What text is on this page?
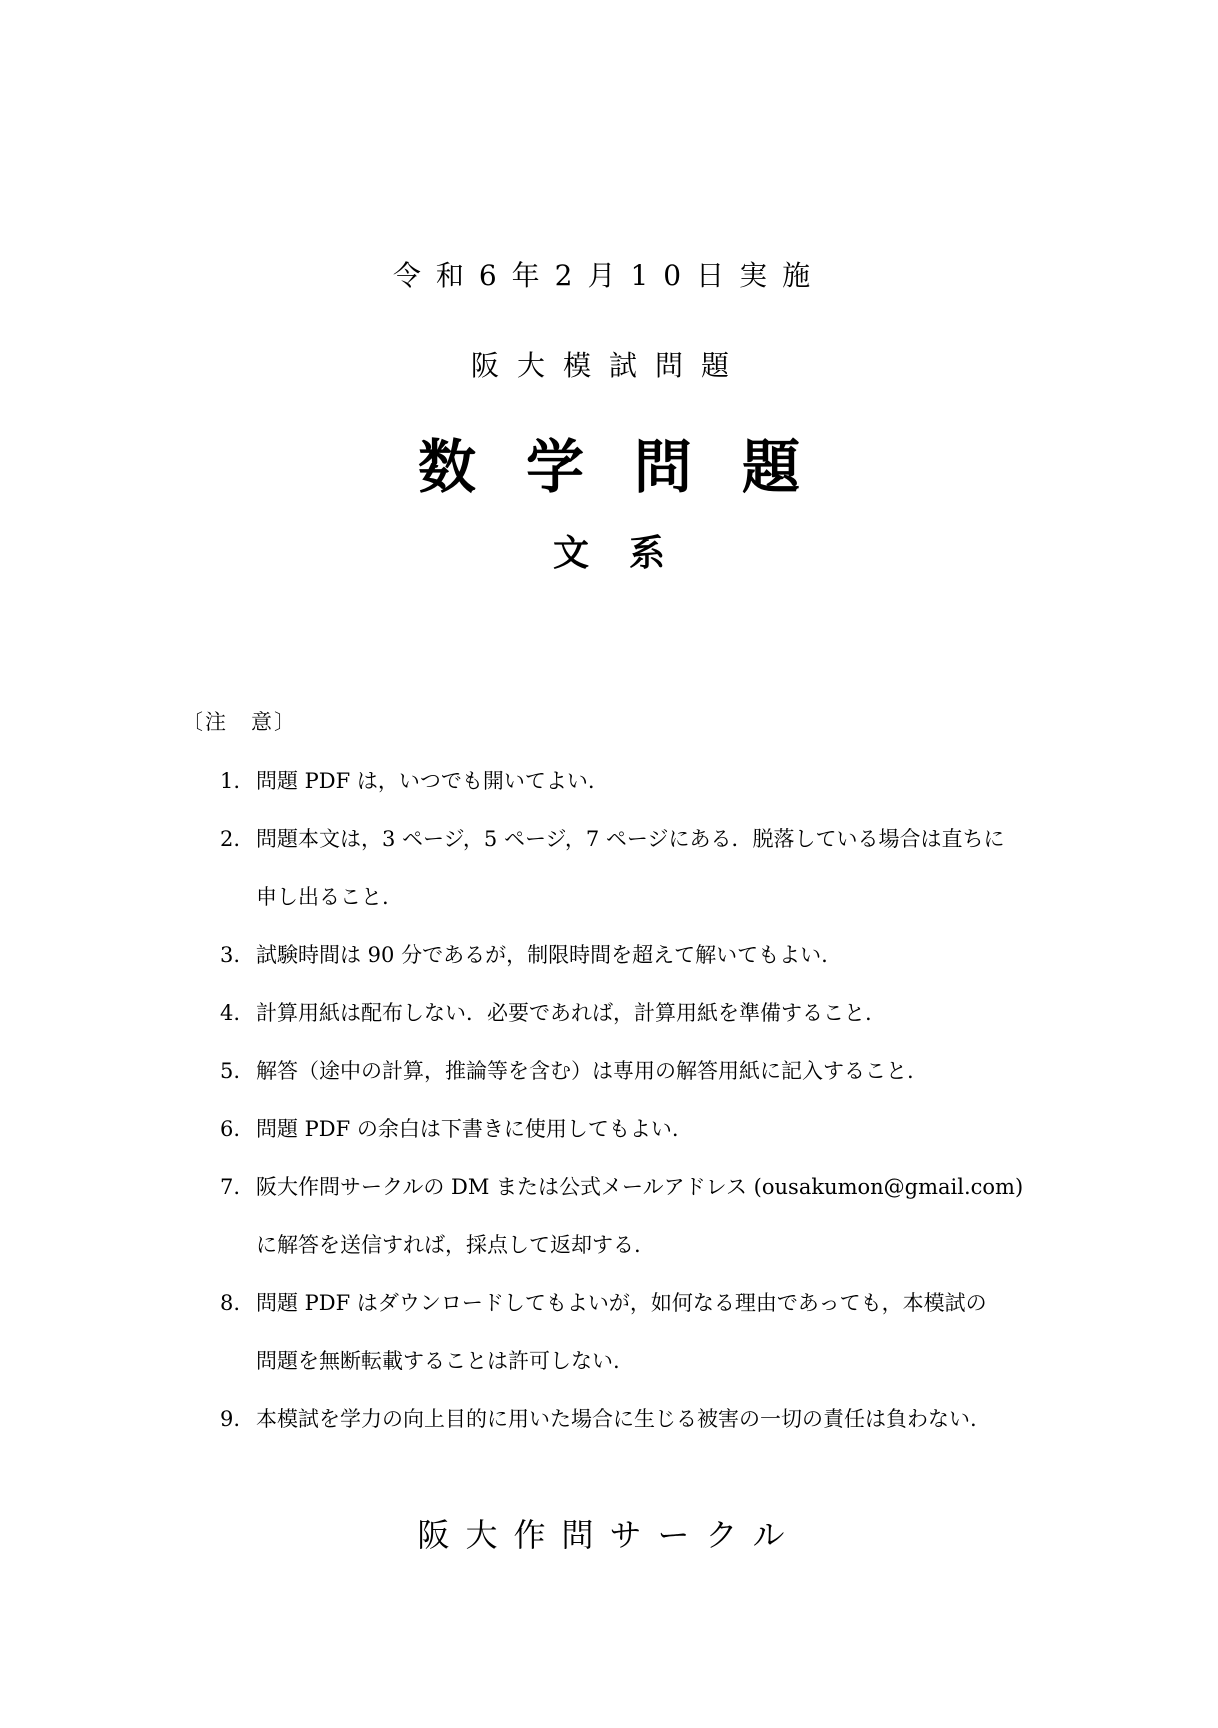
令和6年2月10日実施
阪大模試問題
数学問題
文系
〔注　意〕
1. 問題 PDF は，いつでも開いてよい.
2. 問題本文は，3 ページ，5 ページ，7 ページにある．脱落している場合は直ちに
申し出ること.
3. 試験時間は 90 分であるが，制限時間を超えて解いてもよい.
4. 計算用紙は配布しない．必要であれば，計算用紙を準備すること.
5. 解答（途中の計算，推論等を含む）は専用の解答用紙に記入すること.
6. 問題 PDF の余白は下書きに使用してもよい.
7. 阪大作問サークルの DM または公式メールアドレス (ousakumon@gmail.com)
に解答を送信すれば，採点して返却する.
8. 問題 PDF はダウンロードしてもよいが，如何なる理由であっても，本模試の
問題を無断転載することは許可しない.
9. 本模試を学力の向上目的に用いた場合に生じる被害の一切の責任は負わない.
阪大作問サークル
